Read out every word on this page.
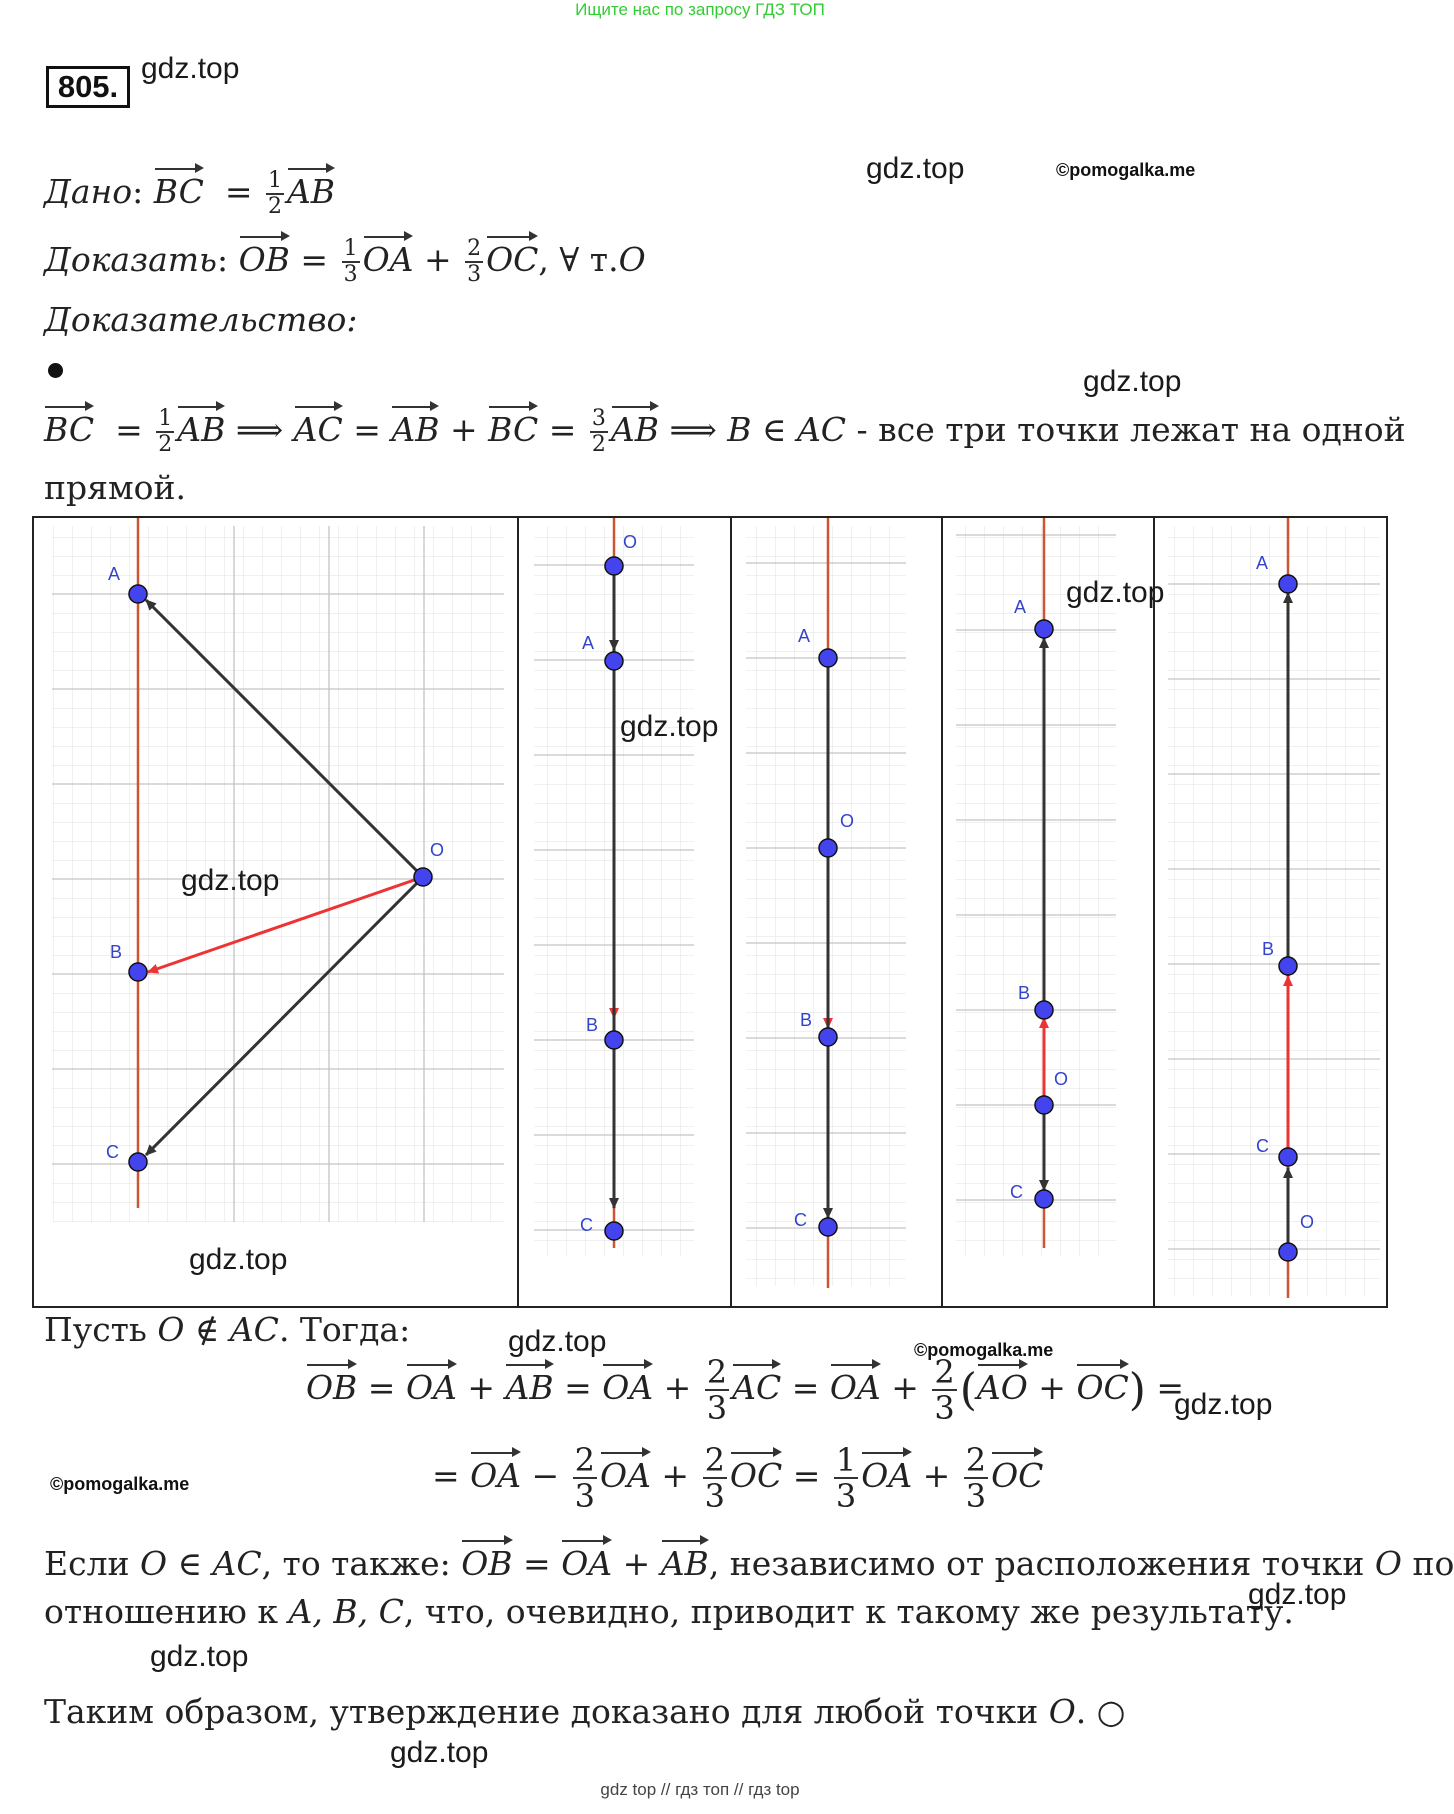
Ищите нас по запросу ГДЗ ТОП
805.
gdz.top
gdz.top	©pomogalka.me
Дано: BC  = $\frac{1}{2}$ AB
Доказать: OB = $\frac{1}{3}$ OA + $\frac{2}{3}$ OC, ∀ т.O
Доказательство:
gdz.top
BC  = $\frac{1}{2}$ AB ⟹ AC = AB + BC = $\frac{3}{2}$ AB ⟹ B ∈ AC - все три точки лежат на одной
прямой.
A
B
C
O
O
A
B
C
A
O
B
C
A
B
O
C
A
B
C
O
gdz.top
gdz.top
gdz.top
gdz.top
Пусть O ∉ AC. Тогда:	gdz.top	©pomogalka.me
OB = OA + AB = OA + $\frac{2}{3}$ AC = OA + $\frac{2}{3} (AO + OC)$ =
gdz.top
©pomogalka.me	= OA − $\frac{2}{3}$ OA + $\frac{2}{3}$ OC = $\frac{1}{3}$ OA + $\frac{2}{3}$ OC
Если O ∈ AC, то также: OB = OA + AB, независимо от расположения точки O по
отношению к A, B, C, что, очевидно, приводит к такому же результату.
gdz.top
gdz.top
Таким образом, утверждение доказано для любой точки O. ○
gdz.top
gdz top // гдз топ // гдз top
